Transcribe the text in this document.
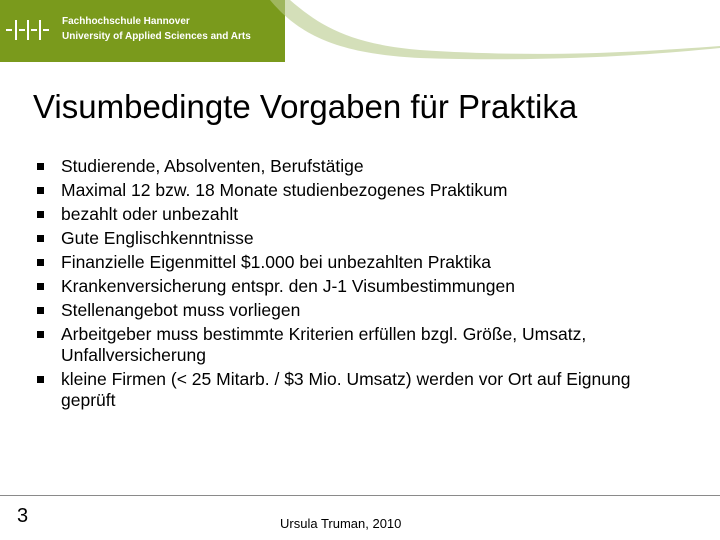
Fachhochschule Hannover
University of Applied Sciences and Arts
Visumbedingte Vorgaben für Praktika
Studierende, Absolventen, Berufstätige
Maximal 12 bzw. 18 Monate studienbezogenes Praktikum
bezahlt oder unbezahlt
Gute Englischkenntnisse
Finanzielle Eigenmittel $1.000 bei unbezahlten Praktika
Krankenversicherung entspr. den J-1 Visumbestimmungen
Stellenangebot muss vorliegen
Arbeitgeber muss bestimmte Kriterien erfüllen bzgl. Größe, Umsatz, Unfallversicherung
kleine Firmen (< 25 Mitarb. / $3 Mio. Umsatz) werden vor Ort auf Eignung geprüft
3	Ursula Truman, 2010
